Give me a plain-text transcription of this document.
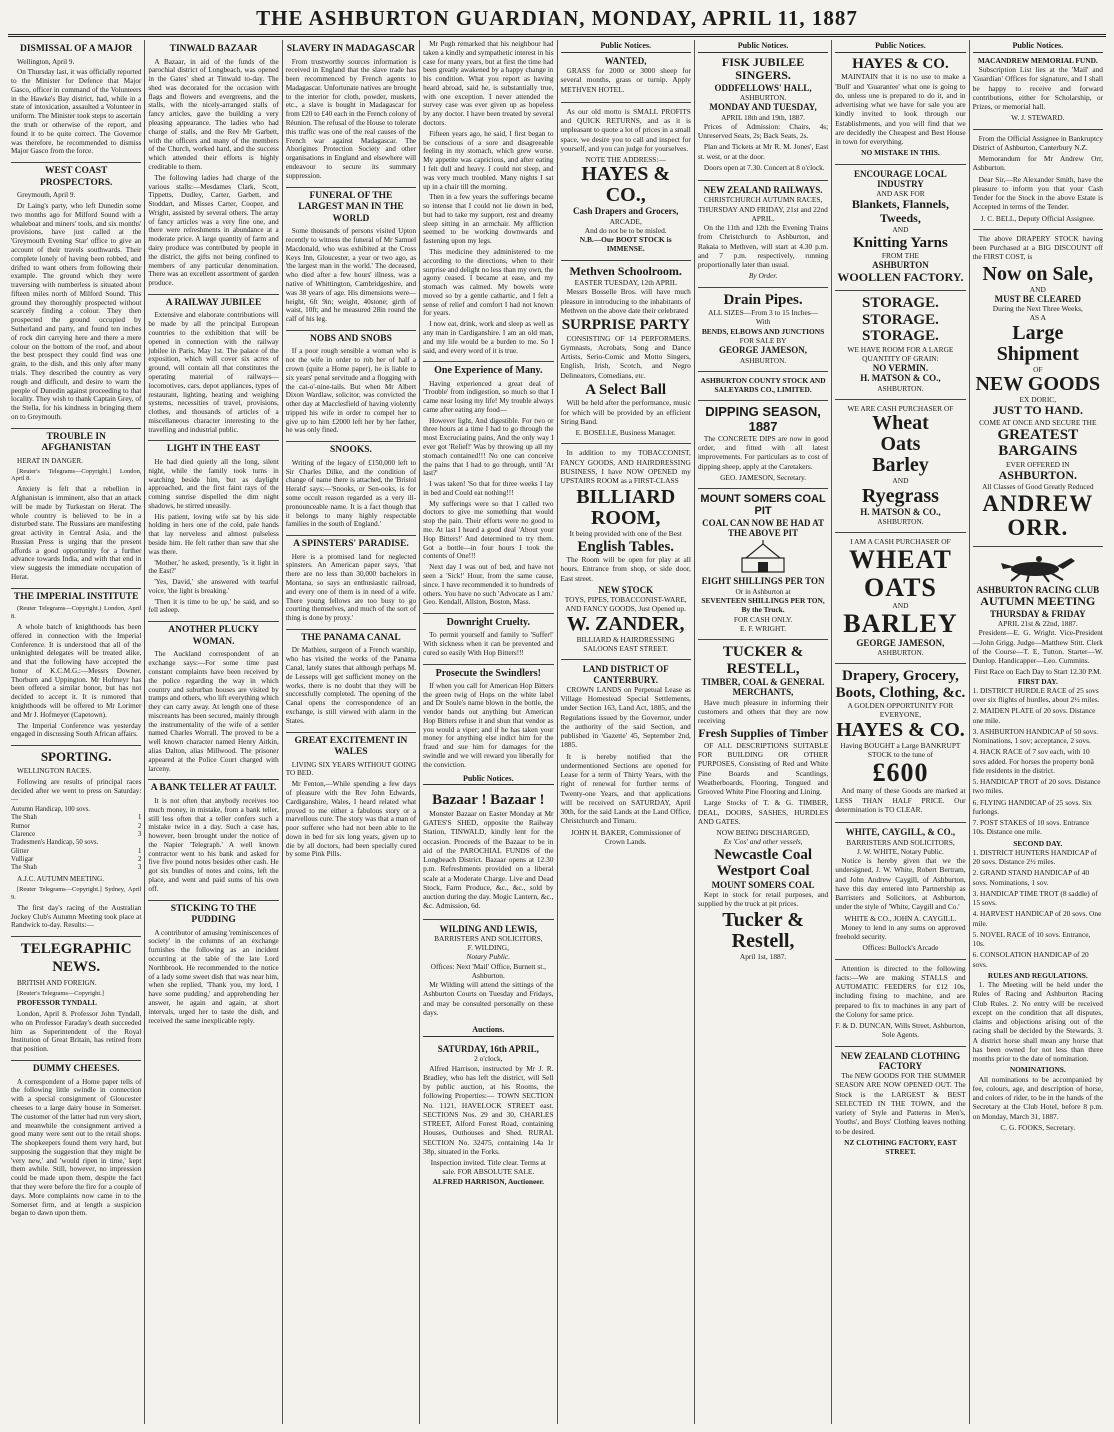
THE ASHBURTON GUARDIAN, MONDAY, APRIL 11, 1887
DISMISSAL OF A MAJOR

Wellington, April 9.

On Thursday last, it was officially reported to the Minister for Defence that Major Gasco, officer in command of the Volunteers in the Hawke's Bay district, had, while in a state of intoxication, assaulted a Volunteer in uniform. The Minister took steps to ascertain the truth or otherwise of the report, and found it to be quite correct. The Governor was therefore, he recommended to dismiss Major Gasco from the force.

WEST COAST PROSPECTORS.

Greymouth, April 9.

Dr Laing's party, who left Dunedin some two months ago for Milford Sound with a whaleboat and miners' tools, and six months' provisions, have just called at the 'Greymouth Evening Star' office to give an account of their travels southwards. Their complete lonely of having been robbed, and drifted to want others from following their example. The ground which they were traversing with numberless is situated about fifteen miles north of Milford Sound. This ground they thoroughly prospected without scarcely finding a colour. They then prospected the ground occupied by Sutherland and party, and found ten inches of rock dirt carrying here and there a mere colour on the bottom of the roof, and about the best prospect they could find was one grain, to the dish, and this only after many trials. They described the country as very rough and difficult, and desire to warn the people of Dunedin against proceeding to that locality. They wish to thank Captain Grey, of the Stella, for his kindness in bringing them on to Greymouth.

TROUBLE IN AFGHANISTAN

HERAT IN DANGER.

[Reuter's Telegrams—Copyright.] London, April 8.

Anxiety is felt that a rebellion in Afghanistan is imminent, also that an attack will be made by Turkestan on Herat. The whole country is believed to be in a disturbed state. The Russians are manifesting great activity in Central Asia, and the Russian Press is urging that the present affords a good opportunity for a further advance towards India, and with that end in view suggests the immediate occupation of Herat.

THE IMPERIAL INSTITUTE

(Reuter Telegrams—Copyright.) London, April 8.

A whole batch of knighthoods has been offered in connection with the Imperial Conference. It is understood that all of the unknighted delegates will be treated alike, and that the following have accepted the honor of K.C.M.G.:—Messrs Downer, Thorburn and Uppington. Mr Hofmeyr has been offered a similar honor, but has not decided to accept it. It is rumored that knighthoods will be offered to Mr Lorimer and Mr J. Hofmeyer (Capetown).

The Imperial Conference was yesterday engaged in discussing South African affairs.

SPORTING.

WELLINGTON RACES.

Following are results of principal races decided after we went to press on Saturday:—

Autumn Handicap, 100 sovs.
The Shah	1
Rumor	2
Clarence	3
Tradesmen's Handicap, 50 sovs.
Glitter	1
Vulligar	2
The Shah	3

A.J.C. AUTUMN MEETING.

[Reuter Telegrams—Copyright.] Sydney, April 9.

The first day's racing of the Australian Jockey Club's Autumn Meeting took place at Randwick to-day. Results:—

TELEGRAPHIC NEWS.

BRITISH AND FOREIGN.

[Reuter's Telegrams—Copyright.]

PROFESSOR TYNDALL

London, April 8. Professor John Tyndall, who on Professor Faraday's death succeeded him as Superintendent of the Royal Institution of Great Britain, has retired from that position.

DUMMY CHEESES.

A correspondent of a Home paper tells of the following little swindle in connection with a special consignment of Gloucester cheeses to a large dairy house in Somerset. The customer of the latter had run very short, and meanwhile the consignment arrived a good many were sent out to the retail shops. The shopkeepers found them very hard, but supposing the suggestion that they might be 'very new,' and 'would ripen in time,' kept them awhile. Still, however, no impression could be made upon them, despite the fact that they were before the fire for a couple of days. More complaints now came in to the Somerset firm, and at length a suspicion began to dawn upon them.

TINWALD BAZAAR

A Bazaar, in aid of the funds of the parochial district of Longbeach, was opened in the Gates' shed at Tinwald to-day. The shed was decorated for the occasion with flags and flowers and evergreens, and the stalls, with the nicely-arranged stalls of fancy articles, gave the building a very pleasing appearance. The ladies who had charge of stalls, and the Rev Mr Garbett, with the officers and many of the members of the Church, worked hard, and the success which attended their efforts is highly creditable to them.

The following ladies had charge of the various stalls:—Mesdames Clark, Scott, Tippetts, Dudley, Carter, Garbett, and Stoddart, and Misses Carter, Cooper, and Wright, assisted by several others. The array of fancy articles was a very fine one, and there were refreshments in abundance at a moderate price. A large quantity of farm and dairy produce was contributed by people in the district, the gifts not being confined to members of any particular denomination. There was an excellent assortment of garden produce.

A RAILWAY JUBILEE

Extensive and elaborate contributions will be made by all the principal European countries to the exhibition that will be opened in connection with the railway jubilee in Paris, May 1st. The palace of the exposition, which will cover six acres of ground, will contain all that constitutes the operating material of railways—locomotives, cars, depot appliances, types of restaurant, lighting, heating and weighing systems, necessities of travel, provisions, clothes, and thousands of articles of a miscellaneous character interesting to the travelling and industrial public.

LIGHT IN THE EAST

He had died quietly all the long, silent night, while the family took turns in watching beside him, but as daylight approached, and the first faint rays of the coming sunrise dispelled the dim night shadows, he stirred uneasily.

His patient, loving wife sat by his side holding in hers one of the cold, pale hands that lay nerveless and almost pulseless beside him. He felt rather than saw that she was there.

'Mother,' he asked, presently, 'is it light in the East?'

'Yes, David,' she answered with tearful voice, 'the light is breaking.'

'Then it is time to be up,' he said, and so fell asleep.

ANOTHER PLUCKY WOMAN.

The Auckland correspondent of an exchange says:—For some time past constant complaints have been received by the police regarding the way in which country and suburban houses are visited by tramps and others, who lift everything which they can carry away. At length one of these miscreants has been secured, mainly through the instrumentality of the wife of a settler named Charles Worrall. The proved to be a well known character named Henry Aitkin, alias Dalton, alias Millwood. The prisoner appeared at the Police Court charged with larceny.

A BANK TELLER AT FAULT.

It is not often that anybody receives too much money, in mistake, from a bank teller, still less often that a teller confers such a mistake twice in a day. Such a case has, however, been brought under the notice of the Napier 'Telegraph.' A well known contractor went to his bank and asked for five five pound notes besides other cash. He got six bundles of notes and coins, left the place, and went and paid sums of his own off.

STICKING TO THE PUDDING

A contributor of amusing 'reminiscences of society' in the columns of an exchange furnishes the following as an incident occurring at the table of the late Lord Northbrook. He recommended to the notice of a lady some sweet dish that was near him, when she replied, 'Thank you, my lord, I have some pudding,' and apprehending her answer, he again and again, at short intervals, urged her to taste the dish, and received the same inexplicable reply.

SLAVERY IN MADAGASCAR

From trustworthy sources information is received in England that the slave trade has been recommenced by French agents to Madagascar. Unfortunate natives are brought to the interior for cloth, powder, muskets, etc., a slave is bought in Madagascar for from £20 to £40 each in the French colony of Réunion. The refusal of the House to tolerate this traffic was one of the real causes of the French war against Madagascar. The Aborigines Protection Society and other organisations in England and elsewhere will endeavour to secure its summary suppression.

FUNERAL OF THE LARGEST MAN IN THE WORLD

Some thousands of persons visited Upton recently to witness the funeral of Mr Samuel Macdonald, who was exhibited at the Cross Keys Inn, Gloucester, a year or two ago, as 'the largest man in the world.' The deceased, who died after a few hours' illness, was a native of Whittington, Cambridgeshire, and was 38 years of age. His dimensions were—height, 6ft 9in; weight, 40stone; girth of waist, 10ft; and he measured 28in round the calf of his leg.

NOBS AND SNOBS

If a poor rough sensible a woman who is not the wife in order to rob her of half a crown (quite a Home paper), he is liable to six years' penal servitude and a flogging with the cat-o'-nine-tails. But when Mr Albert Dixon Wardlaw, solicitor, was convicted the other day at Macclesfield of having violently tripped his wife in order to compel her to give up to him £2000 left her by her father, he was only fined.

SNOOKS.

Writing of the legacy of £150,000 left to Sir Charles Dilke, and the condition of change of name there is attached, the 'Bristol Herald' says:—'Snooks, or Sen-ooks, is for some occult reason regarded as a very ill-pronounceable name. It is a fact though that it belongs to many highly respectable families in the south of England.'

A SPINSTERS' PARADISE.

Here is a promised land for neglected spinsters. An American paper says, 'that there are no less than 30,000 bachelors in Montana, so says an enthusiastic railroad, and every one of them is in need of a wife. There young fellows are too busy to go courting themselves, and much of the sort of thing is done by proxy.'

THE PANAMA CANAL

Dr Mathieu, surgeon of a French warship, who has visited the works of the Panama Canal, lately states that although perhaps M. de Lesseps will get sufficient money on the works, there is no doubt that they will be successfully completed. The opening of the Canal opens the correspondence of an exchange, is still viewed with alarm in the States.

GREAT EXCITEMENT IN WALES

LIVING SIX YEARS WITHOUT GOING TO BED.

Mr Fenton,—While spending a few days of pleasure with the Rev John Edwards, Cardiganshire, Wales, I heard related what proved to me either a fabulous story or a marvellous cure. The story was that a man of poor sufferer who had not been able to lie down in bed for six long years, given up to die by all doctors, had been specially cured by some Pink Pills.

Mr Pugh remarked that his neighbour had taken a kindly and sympathetic interest in his case for many years, but at first the time had been greatly awakened by a happy change in his condition. What you report as having heard abroad, said he, is substantially true, with one exception. I never attended the survey case was ever given up as hopeless by any doctor. I have been treated by several doctors.

Fifteen years ago, he said, I first began to be conscious of a sore and disagreeable feeling in my stomach, which grew worse. My appetite was capricious, and after eating I felt dull and heavy. I could not sleep, and was very much troubled. Many nights I sat up in a chair till the morning.

Then in a few years the sufferings became so intense that I could not lie down in bed, but had to take my support, rest and dreamy sleep sitting in an armchair. My affliction seemed to be working downwards and fastening upon my legs.

This medicine they administered to me according to the directions, when to their surprise and delight no less than my own, the agony ceased. I became at ease, and my stomach was calmed. My bowels were moved so by a gentle cathartic, and I felt a sense of relief and comfort I had not known for years.

I now eat, drink, work and sleep as well as any man in Cardiganshire. I am an old man, and my life would be a burden to me. So I said, and every word of it is true.

One Experience of Many.

Having experienced a great deal of 'Trouble' from indigestion, so much so that I came near losing my life! My trouble always came after eating any food—

However light, And digestible. For two or three hours at a time I had to go through the most Excruciating pains, And the only way I ever got 'Relief!' Was by throwing up all my stomach contained!!! No one can conceive the pains that I had to go through, until 'At last?'

I was taken! 'So that for three weeks I lay in bed and Could eat nothing!!!

My sufferings were so that I called two doctors to give me something that would stop the pain. Their efforts were no good to me. At last I heard a good deal 'About your Hop Bitters!' And determined to try them. Got a bottle—in four hours I took the contents of One!!!

Next day I was out of bed, and have not seen a 'Sick!' Hour, from the same cause, since. I have recommended it to hundreds of others. You have no such 'Advocate as I am.' Geo. Kendall, Allston, Boston, Mass.

Downright Cruelty.

To permit yourself and family to 'Suffer!' With sickness when it can be prevented and cured so easily With Hop Bitters!!!

Prosecute the Swindlers!

If when you call for American Hop Bitters the green twig of Hops on the white label and Dr Soule's name blown in the bottle, the vendor hands out anything but American Hop Bitters refuse it and shun that vendor as you would a viper; and if he has taken your money for anything else indict him for the fraud and sue him for damages for the swindle and we will reward you liberally for the conviction.

Public Notices.
Bazaar ! Bazaar !

Monster Bazaar on Easter Monday at Mr GATES'S SHED, opposite the Railway Station, TINWALD, kindly lent for the occasion. Proceeds of the Bazaar to be in aid of the PAROCHIAL FUNDS of the Longbeach District. Bazaar opens at 12.30 p.m. Refreshments provided on a liberal scale at a Moderate Charge. Live and Dead Stock, Farm Produce, &c., &c., sold by auction during the day. Mogic Lantern, &c., &c. Admission, 6d.

WILDING AND LEWIS,
BARRISTERS AND SOLICITORS,
F. WILDING,
Notary Public.
Offices: Next 'Mail' Office, Burnett st., Ashburton.

Mr Wilding will attend the sittings of the Ashburton Courts on Tuesday and Fridays, and may be consulted personally on these days.

Auctions.
SATURDAY, 16th APRIL,
2 o'clock,

Alfred Harrison, instructed by Mr J. R. Bradley, who has left the district, will Sell by public auction, at his Rooms, the following Properties:— TOWN SECTION No. 1121, HAVELOCK STREET east. SECTIONS Nos. 29 and 30, CHARLES STREET, Alford Forest Road, containing Houses, Outhouses and Shed. RURAL SECTION No. 32475, containing 14a 1r 38p, situated in the Forks.

Inspection invited. Title clear. Terms at sale. FOR ABSOLUTE SALE.
ALFRED HARRISON, Auctioneer.
Public Notices.
WANTED,

GRASS for 2000 or 3000 sheep for several months, grass or turnip. Apply METHVEN HOTEL.

As our old motto is SMALL PROFITS and QUICK RETURNS, and as it is unpleasant to quote a lot of prices in a small space, we desire you to call and inspect for yourself, and you can judge for yourselves.

NOTE THE ADDRESS:—
HAYES & CO.,
Cash Drapers and Grocers,
ARCADE,
And do not be to be misled.
N.B.—Our BOOT STOCK is IMMENSE.
Methven Schoolroom.
EASTER TUESDAY, 12th APRIL

Messrs Bosselle Bros. will have much pleasure in introducing to the inhabitants of Methven on the above date their celebrated

SURPRISE PARTY

CONSISTING OF 14 PERFORMERS. Gymnasts, Acrobats, Song and Dance Artists, Serio-Comic and Motto Singers, English, Irish, Scotch, and Negro Delineators, Comedians, etc.

A Select Ball

Will be held after the performance, music for which will be provided by an efficient String Band.

E. BOSELLE, Business Manager.

In addition to my TOBACCONIST, FANCY GOODS, AND HAIRDRESSING BUSINESS, I have NOW OPENED my UPSTAIRS ROOM as a FIRST-CLASS

BILLIARD ROOM,
It being provided with one of the Best
English Tables.

The Room will be open for play at all hours. Entrance from shop, or side door, East street.

NEW STOCK
TOYS, PIPES, TOBACCONIST-WARE, AND FANCY GOODS, Just Opened up.
W. ZANDER,
BILLIARD & HAIRDRESSING SALOONS EAST STREET.
LAND DISTRICT OF CANTERBURY.

CROWN LANDS on Perpetual Lease as Village Homestead Special Settlements, under Section 163, Land Act, 1885, and the Regulations issued by the Governor, under the authority of the said Section, and published in 'Gazette' 45, September 2nd, 1885.

It is hereby notified that the undermentioned Sections are opened for Lease for a term of Thirty Years, with the right of renewal for further terms of Twenty-one Years, and that applications will be received on SATURDAY, April 30th, for the said Lands at the Land Office, Christchurch and Timaru.

JOHN H. BAKER, Commissioner of Crown Lands.
Public Notices.
FISK JUBILEE SINGERS.
ODDFELLOWS' HALL,
ASHBURTON.
MONDAY AND TUESDAY,
APRIL 18th and 19th, 1887.

Prices of Admission: Chairs, 4s; Unreserved Seats, 2s; Back Seats, 2s.

Plan and Tickets at Mr R. M. Jones', East st. west, or at the door.

Doors open at 7.30. Concert at 8 o'clock.

NEW ZEALAND RAILWAYS.
CHRISTCHURCH AUTUMN RACES, THURSDAY AND FRIDAY, 21st and 22nd APRIL.

On the 11th and 12th the Evening Trains from Christchurch to Ashburton, and Rakaia to Methven, will start at 4.30 p.m. and 7 p.m. respectively, running proportionally later than usual.

By Order.
Drain Pipes.
ALL SIZES—From 3 to 15 Inches—
With
BENDS, ELBOWS AND JUNCTIONS
FOR SALE BY
GEORGE JAMESON,
ASHBURTON.
ASHBURTON COUNTY STOCK AND SALEYARDS CO., LIMITED.
DIPPING SEASON, 1887

The CONCRETE DIPS are now in good order, and fitted with all latest improvements. For particulars as to cost of dipping sheep, apply at the Caretakers.

GEO. JAMESON, Secretary.
MOUNT SOMERS COAL PIT
COAL CAN NOW BE HAD AT THE ABOVE PIT
EIGHT SHILLINGS PER TON
Or in Ashburton at
SEVENTEEN SHILLINGS PER TON, By the Truck.
FOR CASH ONLY.
E. F. WRIGHT.
TUCKER & RESTELL,
TIMBER, COAL & GENERAL MERCHANTS,

Have much pleasure in informing their customers and others that they are now receiving

Fresh Supplies of Timber

OF ALL DESCRIPTIONS SUITABLE FOR BUILDING OR OTHER PURPOSES, Consisting of Red and White Pine Boards and Scantlings, Weatherboards, Flooring, Tongued and Grooved White Pine Flooring and Lining.

Large Stocks of T. & G. TIMBER, DEAL, DOORS, SASHES, HURDLES AND GATES.

NOW BEING DISCHARGED,
Ex 'Cos' and other vessels,
Newcastle Coal
Westport Coal
MOUNT SOMERS COAL

Kept in stock for retail purposes, and supplied by the truck at pit prices.

Tucker & Restell,
April 1st, 1887.
Public Notices.
HAYES & CO.

MAINTAIN that it is no use to make a 'Bull' and 'Guarantee' what one is going to do, unless one is prepared to do it, and in advertising what we have for sale you are kindly invited to look through our Establishments, and you will find that we are decidedly the Cheapest and Best House in town for everything.

NO MISTAKE IN THIS.
ENCOURAGE LOCAL INDUSTRY
AND ASK FOR
Blankets, Flannels, Tweeds,
AND
Knitting Yarns
FROM THE
ASHBURTON
WOOLLEN FACTORY.
STORAGE. STORAGE. STORAGE.
WE HAVE ROOM FOR A LARGE QUANTITY OF GRAIN:
NO VERMIN.
H. MATSON & CO.,
ASHBURTON.
WE ARE CASH PURCHASER OF
Wheat
Oats
Barley
AND
Ryegrass
H. MATSON & CO.,
ASHBURTON.
I AM A CASH PURCHASER OF
WHEAT
OATS
AND
BARLEY
GEORGE JAMESON,
ASHBURTON.
Drapery, Grocery, Boots, Clothing, &c.
A GOLDEN OPPORTUNITY FOR EVERYONE,
HAYES & CO.
Having BOUGHT a Large BANKRUPT STOCK to the tune of
£600

And many of these Goods are marked at LESS THAN HALF PRICE. Our determination is TO CLEAR.

WHITE, CAYGILL, & CO.,
BARRISTERS AND SOLICITORS,
J. W. WHITE, Notary Public.

Notice is hereby given that we the undersigned, J. W. White, Robert Bertram, and John Andrew Caygill, of Ashburton, have this day entered into Partnership as Barristers and Solicitors, at Ashburton, under the style of 'White, Caygill and Co.'

WHITE & CO., JOHN A. CAYGILL.

Money to lend in any sums on approved freehold security.

Offices: Bullock's Arcade

Attention is directed to the following facts:—We are making STALLS and AUTOMATIC FEEDERS for £12 10s, including fixing to machine, and are prepared to fix to machines in any part of the Colony for same price.

F. & D. DUNCAN, Wills Street, Ashburton, Sole Agents.
NEW ZEALAND CLOTHING FACTORY

The NEW GOODS FOR THE SUMMER SEASON ARE NOW OPENED OUT. The Stock is the LARGEST & BEST SELECTED IN THE TOWN, and the variety of Style and Patterns in Men's, Youths', and Boys' Clothing leaves nothing to be desired.

NZ CLOTHING FACTORY, EAST STREET.
Public Notices.
MACANDREW MEMORIAL FUND.

Subscription List lies at the 'Mail' and 'Guardian' Offices for signature, and I shall be happy to receive and forward contributions, either for Scholarship, or Prizes, or memorial hall.

W. J. STEWARD.

From the Official Assignee in Bankruptcy District of Ashburton, Canterbury N.Z.

Memorandum for Mr Andrew Orr, Ashburton.

Dear Sir,—Re Alexander Smith, have the pleasure to inform you that your Cash Tender for the Stock in the above Estate is Accepted in terms of the Tender.

J. C. BELL, Deputy Official Assignee.

The above DRAPERY STOCK having been Purchased at a BIG DISCOUNT off the FIRST COST, is

Now on Sale,
AND
MUST BE CLEARED
During the Next Three Weeks,
AS A
Large Shipment
OF
NEW GOODS
EX DORIC,
JUST TO HAND.
COME AT ONCE AND SECURE THE
GREATEST BARGAINS
EVER OFFERED IN
ASHBURTON.
All Classes of Good Greatly Reduced
ANDREW ORR.
ASHBURTON RACING CLUB
AUTUMN MEETING
THURSDAY & FRIDAY
APRIL 21st & 22nd, 1887.

President—E. G. Wright. Vice-President—John Grigg. Judge—Matthew Stitt. Clerk of the Course—T. E. Tutton. Starter—W. Dunlop. Handicapper—Leo. Cummins.

First Race on Each Day to Start 12.30 P.M.
FIRST DAY.

1. DISTRICT HURDLE RACE of 25 sovs over six flights of hurdles, about 2½ miles.

2. MAIDEN PLATE of 20 sovs. Distance one mile.

3. ASHBURTON HANDICAP of 50 sovs. Nominations, 1 sov; acceptance, 2 sovs.

4. HACK RACE of 7 sov each, with 10 sovs added. For horses the property bonâ fide residents in the district.

5. HANDICAP TROT of 20 sovs. Distance two miles.

6. FLYING HANDICAP of 25 sovs. Six furlongs.

7. POST STAKES of 10 sovs. Entrance 10s. Distance one mile.

SECOND DAY.

1. DISTRICT HUNTERS HANDICAP of 20 sovs. Distance 2½ miles.

2. GRAND STAND HANDICAP of 40 sovs. Nominations, 1 sov.

3. HANDICAP TIME TROT (8 saddle) of 15 sovs.

4. HARVEST HANDICAP of 20 sovs. One mile.

5. NOVEL RACE of 10 sovs. Entrance, 10s.

6. CONSOLATION HANDICAP of 20 sovs.

RULES AND REGULATIONS.

1. The Meeting will be held under the Rules of Racing and Ashburton Racing Club Rules. 2. No entry will be received except on the condition that all disputes, claims and objections arising out of the racing shall be decided by the Stewards. 3. A district horse shall mean any horse that has been owned for not less than three months prior to the date of nomination.

NOMINATIONS.

All nominations to be accompanied by fee, colours, age, and description of horse, and colors of rider, to be in the hands of the Secretary at the Club Hotel, before 8 p.m. on Monday, March 31, 1887.

C. G. FOOKS, Secretary.
